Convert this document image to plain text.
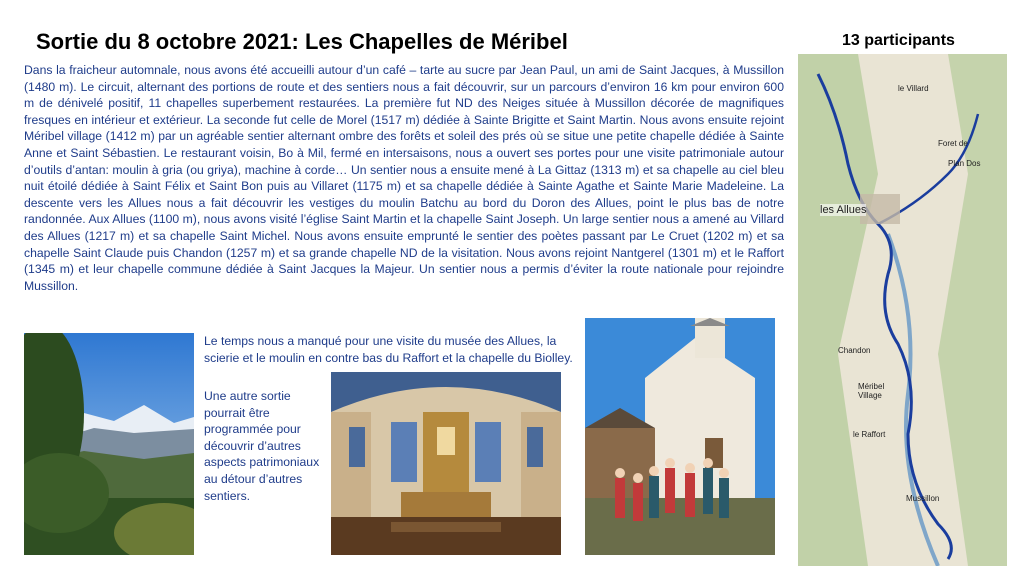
Sortie du 8 octobre 2021: Les Chapelles de Méribel	13 participants
Dans la fraicheur automnale, nous avons été accueilli autour d’un café – tarte au sucre par Jean Paul, un ami de Saint Jacques, à Mussillon (1480 m). Le circuit, alternant des portions de route et des sentiers nous a fait découvrir, sur un parcours d’environ 16 km pour environ 600 m de dénivelé positif, 11 chapelles superbement restaurées. La première fut ND des Neiges située à Mussillon décorée de magnifiques fresques en intérieur et extérieur. La seconde fut celle de Morel (1517 m) dédiée à Sainte Brigitte et Saint Martin. Nous avons ensuite rejoint Méribel village (1412 m) par un agréable sentier alternant ombre des forêts et soleil des prés où se situe une petite chapelle dédiée à Sainte Anne et Saint Sébastien. Le restaurant voisin, Bo à Mil, fermé en intersaisons, nous a ouvert ses portes pour une visite patrimoniale autour d’outils d’antan: moulin à gria (ou griya), machine à corde… Un sentier nous a ensuite mené à La Gittaz (1313 m) et sa chapelle au ciel bleu nuit étoilé dédiée à Saint Félix et Saint Bon puis au Villaret (1175 m) et sa chapelle dédiée à Sainte Agathe et Sainte Marie Madeleine. La descente vers les Allues nous a fait découvrir les vestiges du moulin Batchu au bord du Doron des Allues, point le plus bas de notre randonnée. Aux Allues (1100 m), nous avons visité l’église Saint Martin et la chapelle Saint Joseph. Un large sentier nous a amené au Villard des Allues (1217 m) et sa chapelle Saint Michel. Nous avons ensuite emprunté le sentier des poètes passant par Le Cruet (1202 m) et sa chapelle Saint Claude puis Chandon (1257 m) et sa grande chapelle ND de la visitation. Nous avons rejoint Nantgerel (1301 m) et le Raffort (1345 m) et leur chapelle commune dédiée à Saint Jacques la Majeur. Un sentier nous a permis d’éviter la route nationale pour rejoindre Mussillon.
Le temps nous a manqué pour une visite du musée des Allues, la scierie et le moulin en contre bas du Raffort et la chapelle du Biolley.
Une autre sortie pourrait être programmée pour découvrir d’autres aspects patrimoniaux au détour d’autres sentiers.
les Allues
le Villard
Chandon
Méribel Village
le Raffort
Mussillon
Plan Dos
Foret de
